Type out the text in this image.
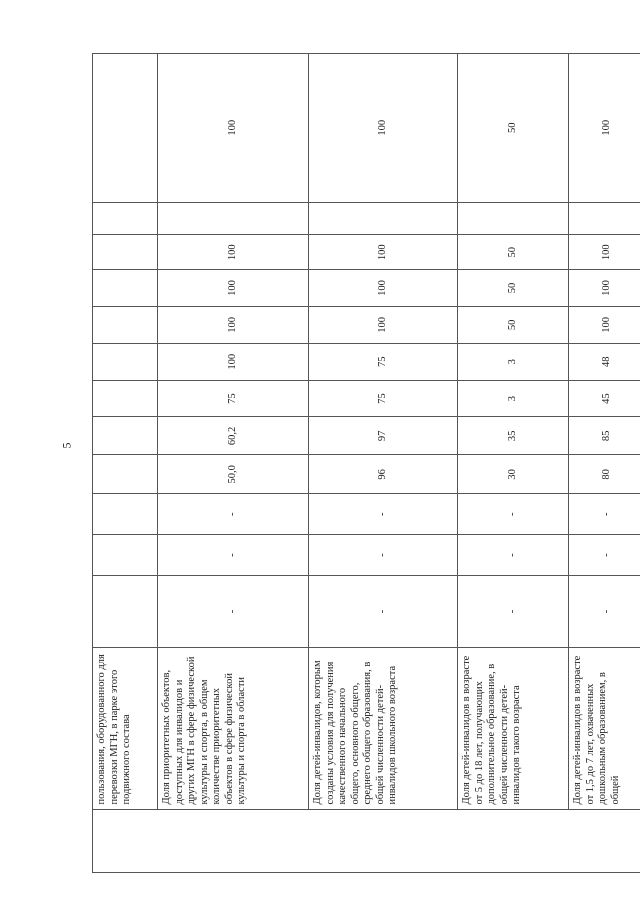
5
	пользования, оборудованного для перевозки МГН, в парке этого подвижного состава												
	Доля приоритетных объектов, доступных для инвалидов и других МГН в сфере физической культуры и спорта, в общем количестве приоритетных объектов в сфере физической культуры и спорта в области	-	-	-	50,0	60,2	75	100	100	100	100		100
	Доля детей-инвалидов, которым созданы условия для получения качественного начального общего, основного общего, среднего общего образования, в общей численности детей-инвалидов школьного возраста	-	-	-	96	97	75	75	100	100	100		100
	Доля детей-инвалидов в возрасте от 5 до 18 лет, получающих дополнительное образование, в общей численности детей-инвалидов такого возраста	-	-	-	30	35	3	3	50	50	50		50
	Доля детей-инвалидов в возрасте от 1,5 до 7 лет, охваченных дошкольным образованием, в общей	-	-	-	80	85	45	48	100	100	100		100
